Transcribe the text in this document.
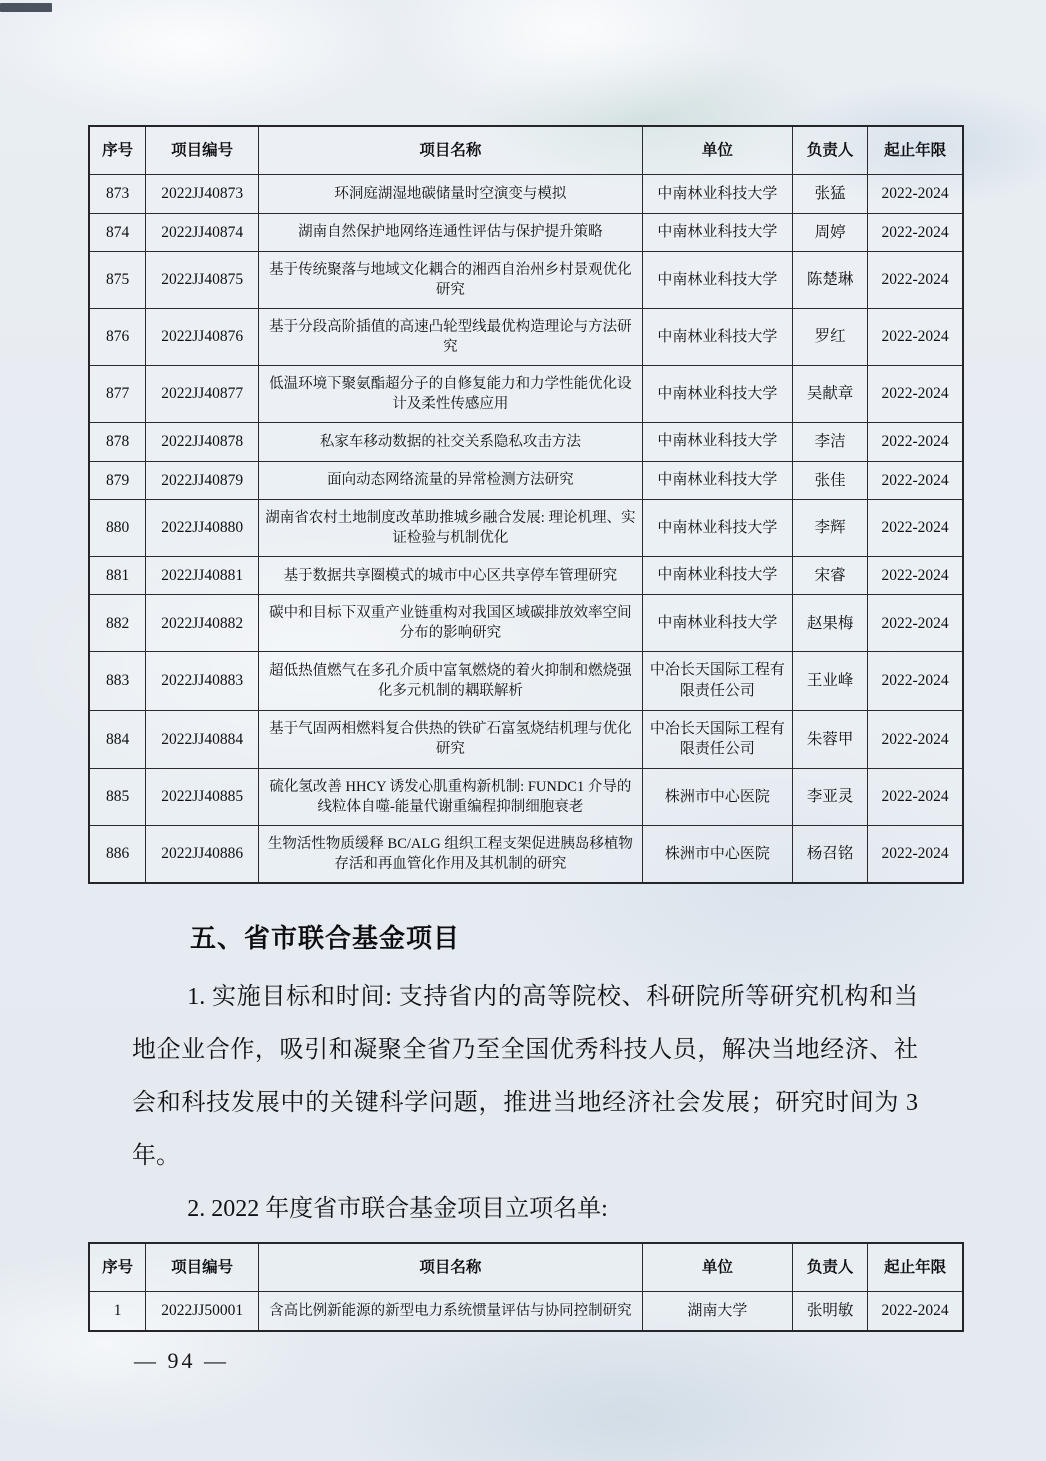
序号	项目编号	项目名称	单位	负责人	起止年限
873	2022JJ40873	环洞庭湖湿地碳储量时空演变与模拟	中南林业科技大学	张猛	2022-2024
874	2022JJ40874	湖南自然保护地网络连通性评估与保护提升策略	中南林业科技大学	周婷	2022-2024
875	2022JJ40875	基于传统聚落与地域文化耦合的湘西自治州乡村景观优化研究	中南林业科技大学	陈楚琳	2022-2024
876	2022JJ40876	基于分段高阶插值的高速凸轮型线最优构造理论与方法研究	中南林业科技大学	罗红	2022-2024
877	2022JJ40877	低温环境下聚氨酯超分子的自修复能力和力学性能优化设计及柔性传感应用	中南林业科技大学	吴献章	2022-2024
878	2022JJ40878	私家车移动数据的社交关系隐私攻击方法	中南林业科技大学	李洁	2022-2024
879	2022JJ40879	面向动态网络流量的异常检测方法研究	中南林业科技大学	张佳	2022-2024
880	2022JJ40880	湖南省农村土地制度改革助推城乡融合发展: 理论机理、实证检验与机制优化	中南林业科技大学	李辉	2022-2024
881	2022JJ40881	基于数据共享圈模式的城市中心区共享停车管理研究	中南林业科技大学	宋睿	2022-2024
882	2022JJ40882	碳中和目标下双重产业链重构对我国区域碳排放效率空间分布的影响研究	中南林业科技大学	赵果梅	2022-2024
883	2022JJ40883	超低热值燃气在多孔介质中富氧燃烧的着火抑制和燃烧强化多元机制的耦联解析	中冶长天国际工程有限责任公司	王业峰	2022-2024
884	2022JJ40884	基于气固两相燃料复合供热的铁矿石富氢烧结机理与优化研究	中冶长天国际工程有限责任公司	朱蓉甲	2022-2024
885	2022JJ40885	硫化氢改善 HHCY 诱发心肌重构新机制: FUNDC1 介导的线粒体自噬-能量代谢重编程抑制细胞衰老	株洲市中心医院	李亚灵	2022-2024
886	2022JJ40886	生物活性物质缓释 BC/ALG 组织工程支架促进胰岛移植物存活和再血管化作用及其机制的研究	株洲市中心医院	杨召铭	2022-2024
五、省市联合基金项目

1. 实施目标和时间: 支持省内的高等院校、科研院所等研究机构和当地企业合作，吸引和凝聚全省乃至全国优秀科技人员，解决当地经济、社会和科技发展中的关键科学问题，推进当地经济社会发展；研究时间为 3 年。

2. 2022 年度省市联合基金项目立项名单:

序号	项目编号	项目名称	单位	负责人	起止年限
1	2022JJ50001	含高比例新能源的新型电力系统惯量评估与协同控制研究	湖南大学	张明敏	2022-2024
— 94 —
